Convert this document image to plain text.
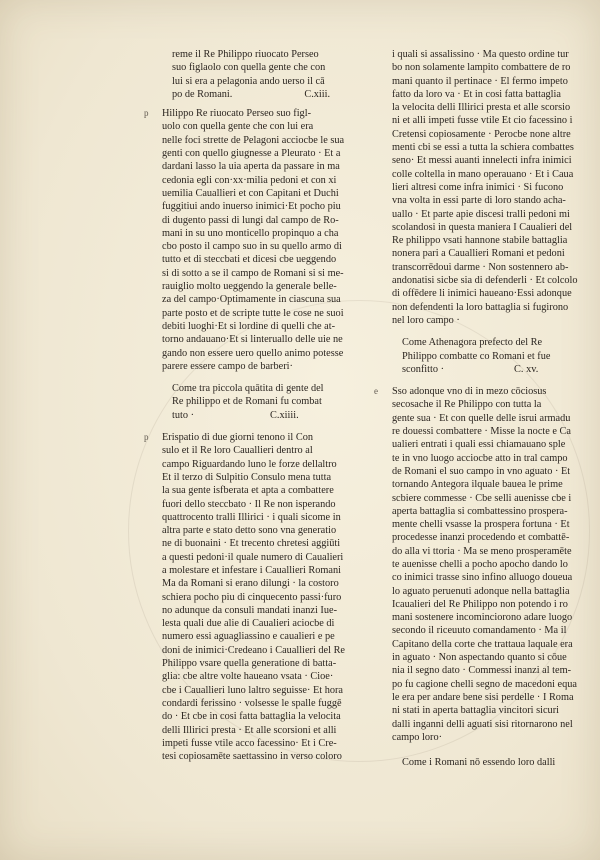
reme il Re Philippo riuocato Perseo
suo figlaolo con quella gente che con
lui si era a pelagonia ando uerso il cā
po de Romani.	C.xiii.
p	Hilippo Re riuocato Perseo suo figl-
uolo con quella gente che con lui era
nelle foci strette de Pelagoni acciocbe le sua
genti con quello giugnesse a Pleurato · Et a
dardani lasso la uia aperta da passare in ma
cedonia egli con·xx·milia pedoni et con xi
uemilia Cauallieri et con Capitani et Duchi
fuggitiui ando inuerso inimici·Et pocho piu
di dugento passi di lungi dal campo de Ro-
mani in su uno monticello propinquo a cha
cbo posto il campo suo in su quello armo di
tutto et di steccbati et dicesi cbe ueggendo
si di sotto a se il campo de Romani si si me-
rauiglio molto ueggendo la generale belle-
za del campo·Optimamente in ciascuna sua
parte posto et de scripte tutte le cose ne suoi
debiti luoghi·Et si lordine di quelli che at-
torno andauano·Et si linteruallo delle uie ne
gando non essere uero quello animo potesse
parere essere campo de barberi·
Come tra piccola quātita di gente del
Re philippo et de Romani fu combat
tuto ·	C.xiiii.
p	Erispatio di due giorni tenono il Con
sulo et il Re loro Cauallieri dentro al
campo Riguardando luno le forze dellaltro
Et il terzo di Sulpitio Consulo mena tutta
la sua gente isfberata et apta a combattere
fuori dello steccbato · Il Re non isperando
quattrocento tralli Illirici · i quali sicome in
altra parte e stato detto sono vna generatio
ne di buonaini · Et trecento chretesi aggiūti
a questi pedoni·il quale numero di Caualieri
a molestare et infestare i Cauallieri Romani
Ma da Romani si erano dilungi · la costoro
schiera pocho piu di cinquecento passi·furo
no adunque da consuli mandati inanzi Iue-
lesta quali due alie di Caualieri aciocbe di
numero essi aguagliassino e caualieri e pe
doni de inimici·Credeano i Cauallieri del Re
Philippo vsare quella generatione di batta-
glia: cbe altre volte haueano vsata · Cioe·
cbe i Cauallieri luno laltro seguisse· Et hora
condardi ferissino · volsesse le spalle fuggē
do · Et cbe in cosi fatta battaglia la velocita
delli Illirici presta · Et alle scorsioni et alli
impeti fusse vtile acco facessino· Et i Cre-
tesi copiosamēte saettassino in verso coloro
i quali si assalissino · Ma questo ordine tur
bo non solamente lampito combattere de ro
mani quanto il pertinace · El fermo impeto
fatto da loro va · Et in cosi fatta battaglia
la velocita delli Illirici presta et alle scorsio
ni et alli impeti fusse vtile Et cio facessino i
Cretensi copiosamente · Perocbe none altre
menti cbi se essi a tutta la schiera combattes
seno· Et messi auanti innelecti infra inimici
colle coltella in mano operauano · Et i Caua
lieri altresi come infra inimici · Si fucono
vna volta in essi parte di loro stando acha-
uallo · Et parte apie discesi tralli pedoni mi
scolandosi in questa maniera I Caualieri del
Re philippo vsati hannone stabile battaglia
nonera pari a Cauallieri Romani et pedoni
transcorrēdoui darme · Non sostennero ab-
andonatisi sicbe sia di defenderli · Et colcolo
di offēdere li inimici haueano·Essi adonque
non defendenti la loro battaglia si fugirono
nel loro campo ·
Come Athenagora prefecto del Re
Philippo combatte co Romani et fue
sconfitto ·	C. xv.
e	Sso adonque vno di in mezo cōciosus
secosache il Re Philippo con tutta la
gente sua · Et con quelle delle isrui armadu
re douessi combattere · Misse la nocte e Ca
ualieri entrati i quali essi chiamauano sple
te in vno luogo acciocbe atto in tral campo
de Romani el suo campo in vno aguato · Et
tornando Antegora ilquale bauea le prime
scbiere commesse · Cbe selli auenisse cbe i
aperta battaglia si combattessino prospera-
mente chelli vsasse la prospera fortuna · Et
procedesse inanzi procedendo et combattē-
do alla vi ttoria · Ma se meno prosperamēte
te auenisse chelli a pocho apocho dando lo
co inimici trasse sino infino alluogo doueua
lo aguato peruenuti adonque nella battaglia
Icaualieri del Re Philippo non potendo i ro
mani sostenere incominciorono adare luogo
secondo il riceuuto comandamento · Ma il
Capitano della corte che trattaua laquale era
in aguato · Non aspectando quanto si cōue
nia il segno dato · Commessi inanzi al tem-
po fu cagione chelli segno de macedoni equa
le era per andare bene sisi perdelle · I Roma
ni stati in aperta battaglia vincitori sicuri
dalli inganni delli aguati sisi ritornarono nel
campo loro·
Come i Romani nō essendo loro dalli
